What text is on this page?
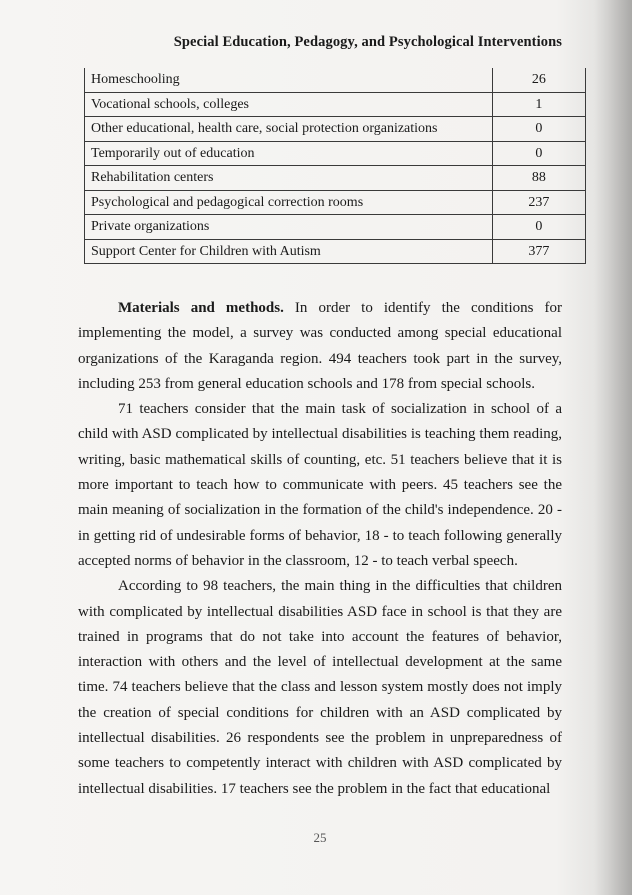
Special Education, Pedagogy, and Psychological Interventions
Homeschooling	26
Vocational schools, colleges	1
Other educational, health care, social protection organizations	0
Temporarily out of education	0
Rehabilitation centers	88
Psychological and pedagogical correction rooms	237
Private organizations	0
Support Center for Children with Autism	377

Materials and methods. In order to identify the conditions for implementing the model, a survey was conducted among special educational organizations of the Karaganda region. 494 teachers took part in the survey, including 253 from general education schools and 178 from special schools.

71 teachers consider that the main task of socialization in school of a child with ASD complicated by intellectual disabilities is teaching them reading, writing, basic mathematical skills of counting, etc. 51 teachers believe that it is more important to teach how to communicate with peers. 45 teachers see the main meaning of socialization in the formation of the child's independence. 20 - in getting rid of undesirable forms of behavior, 18 - to teach following generally accepted norms of behavior in the classroom, 12 - to teach verbal speech.

According to 98 teachers, the main thing in the difficulties that children with complicated by intellectual disabilities ASD face in school is that they are trained in programs that do not take into account the features of behavior, interaction with others and the level of intellectual development at the same time. 74 teachers believe that the class and lesson system mostly does not imply the creation of special conditions for children with an ASD complicated by intellectual disabilities. 26 respondents see the problem in unpreparedness of some teachers to competently interact with children with ASD complicated by intellectual disabilities. 17 teachers see the problem in the fact that educational

25
